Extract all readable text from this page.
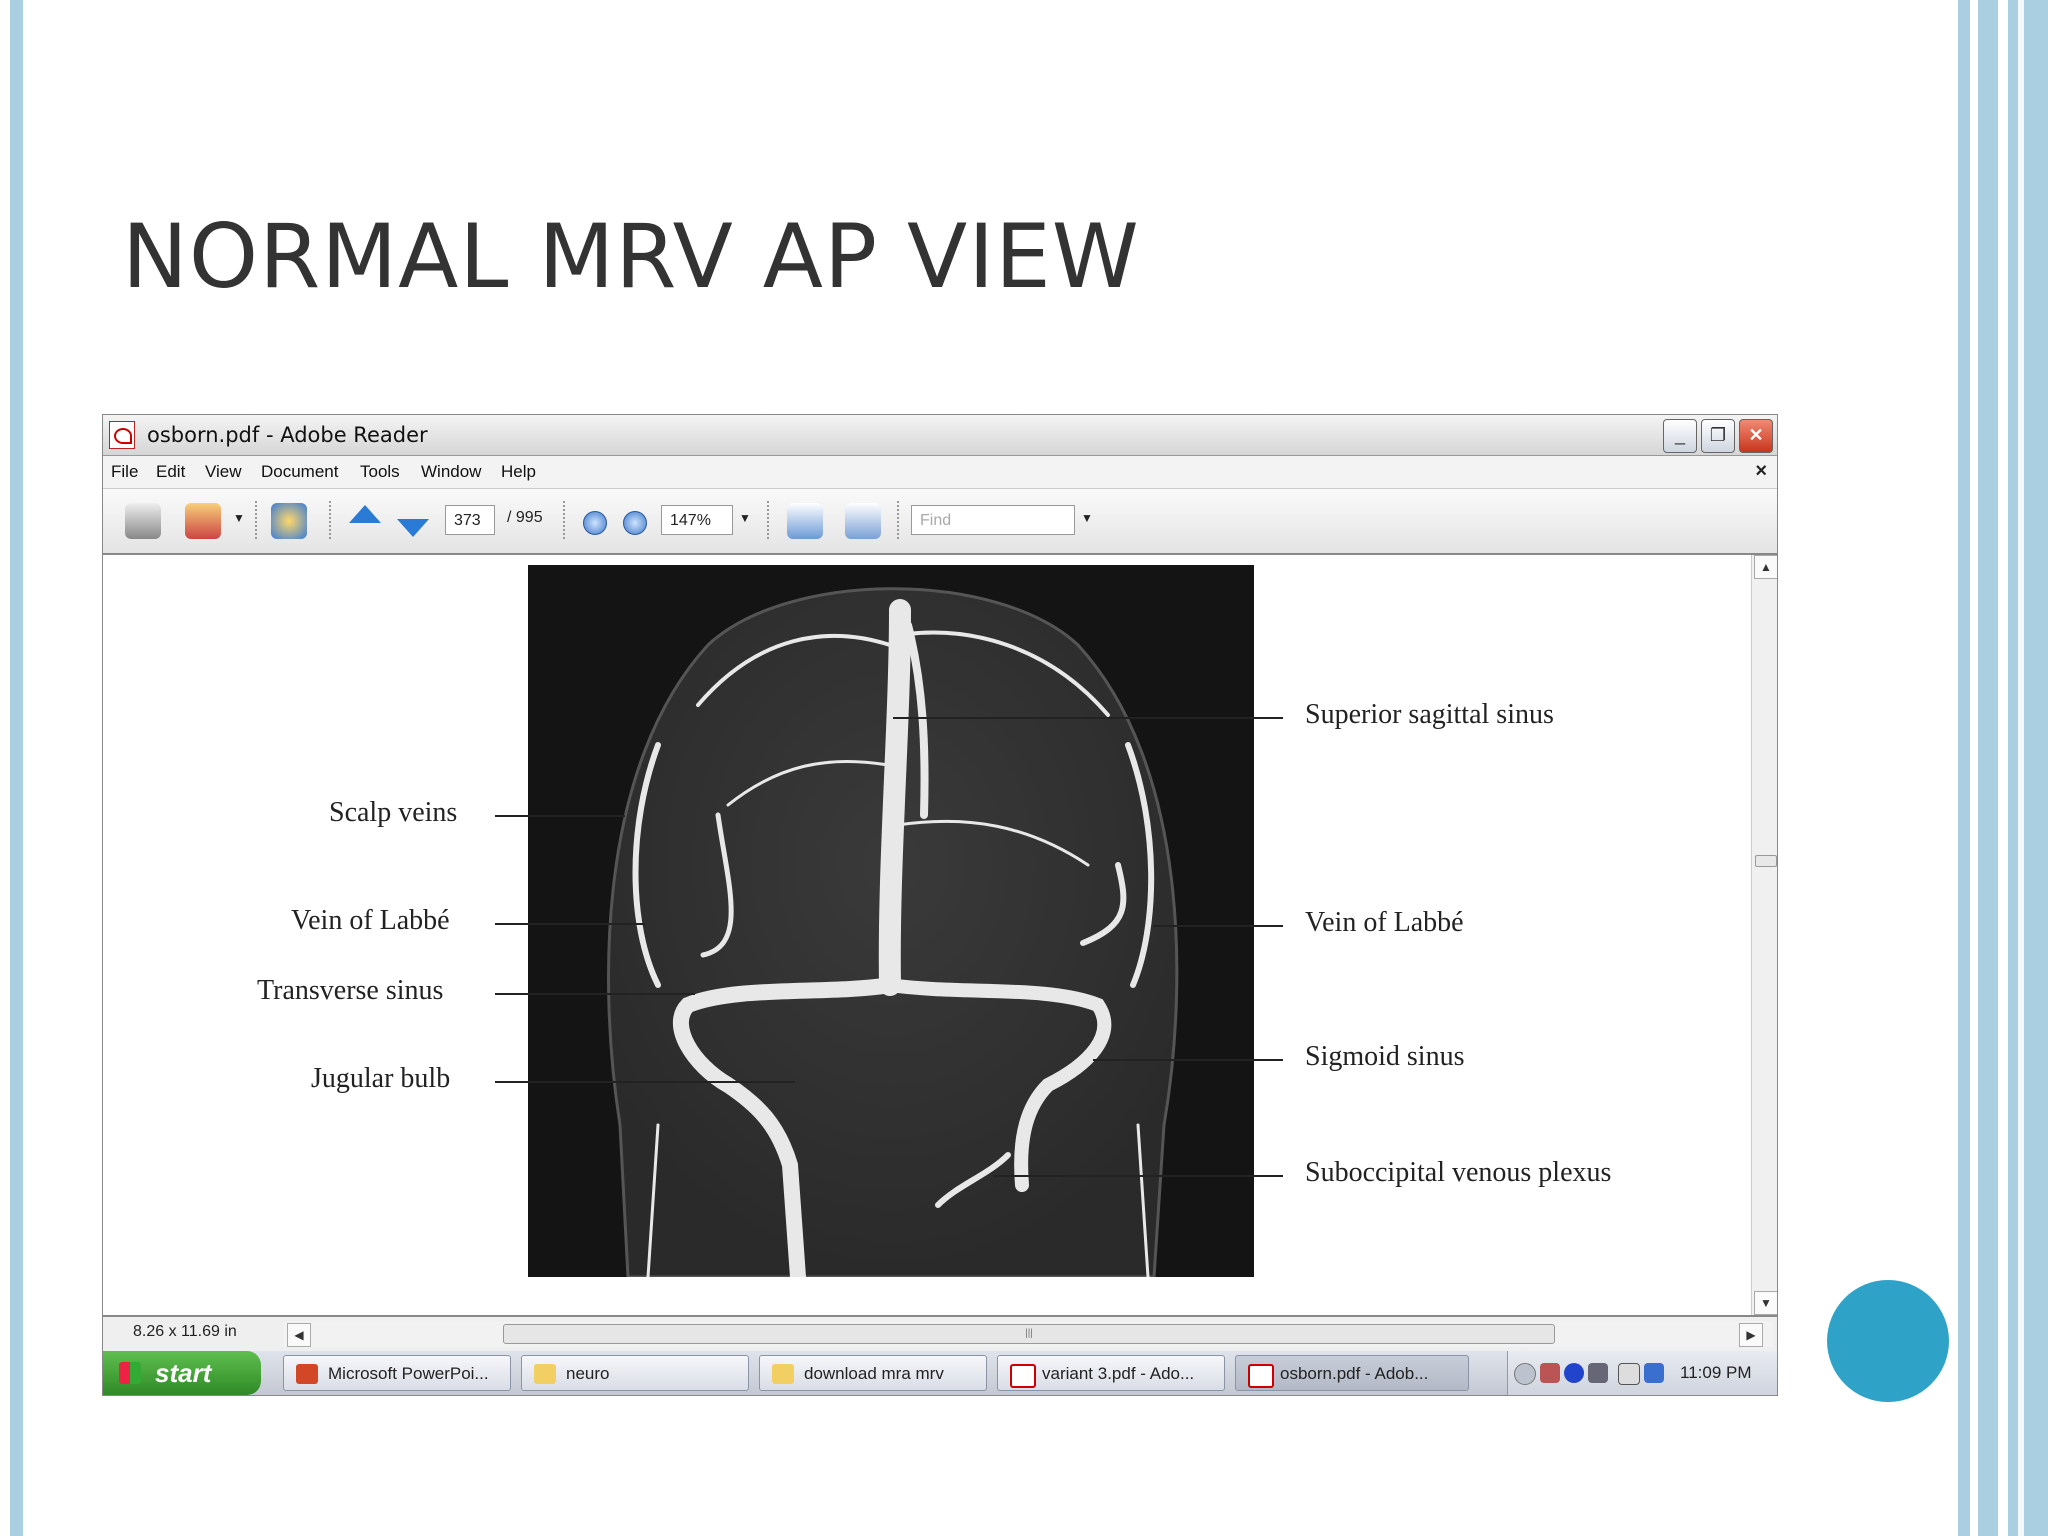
NORMAL MRV AP VIEW
osborn.pdf - Adobe Reader	_	❐	✕
File Edit View Document Tools Window Help	×
▼	373	/ 995	147%	▼	Find	▼
Scalp veins
Vein of Labbé
Transverse sinus
Jugular bulb
Superior sagittal sinus
Vein of Labbé
Sigmoid sinus
Suboccipital venous plexus
▲
▼
8.26 x 11.69 in	◀	|||	▶
start	Microsoft PowerPoi...	neuro	download mra mrv	variant 3.pdf - Ado...	osborn.pdf - Adob...	11:09 PM
